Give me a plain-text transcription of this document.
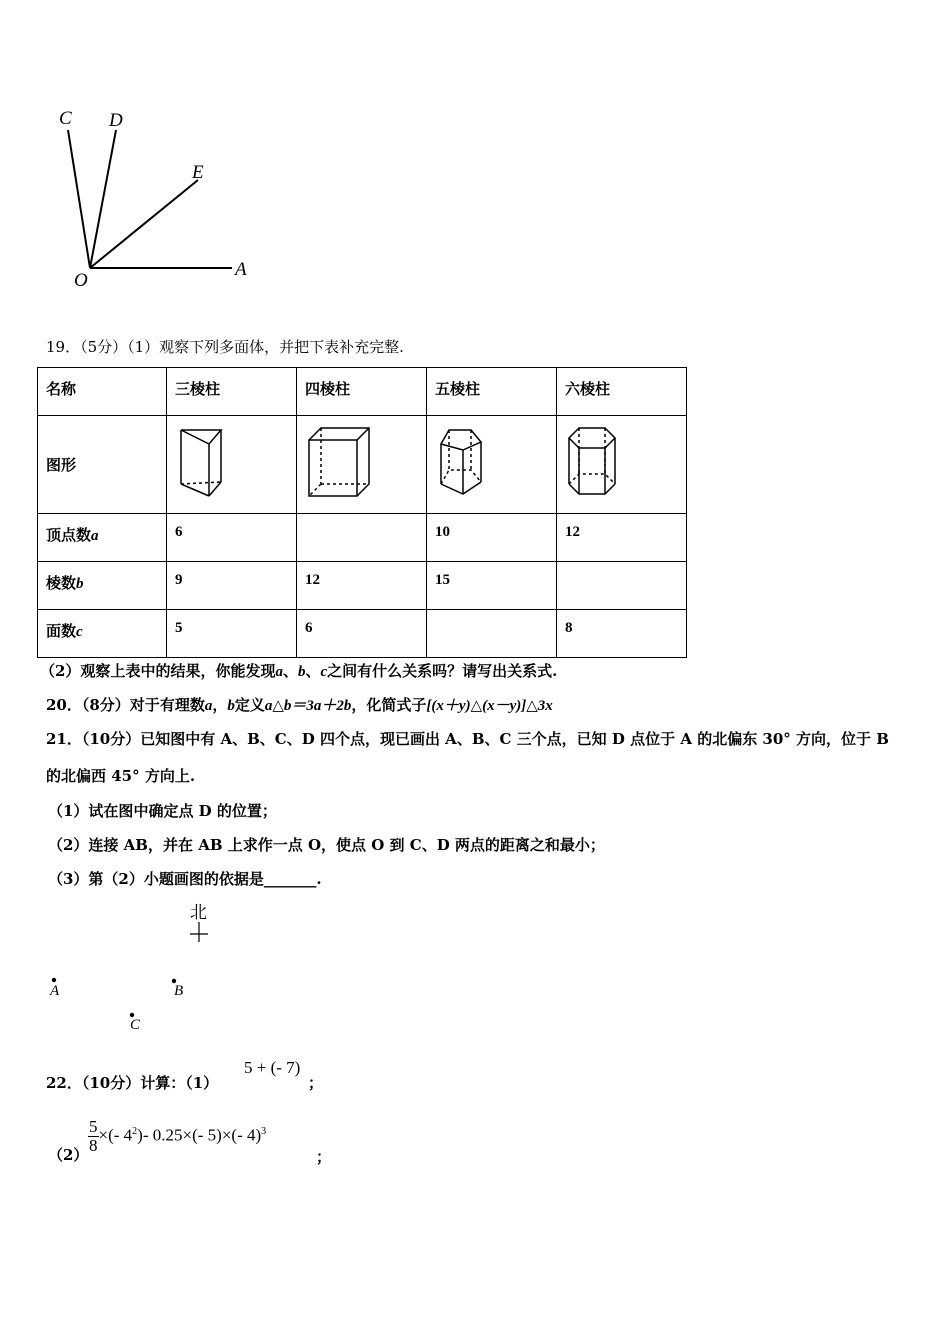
C D
E
O
A
19．（5分）（1）观察下列多面体，并把下表补充完整.
名称	三棱柱	四棱柱	五棱柱	六棱柱
图形				
顶点数a	6		10	12
棱数b	9	12	15	
面数c	5	6		8
（2）观察上表中的结果，你能发现a、b、c之间有什么关系吗？请写出关系式.
20．（8分）对于有理数a，b定义a△b＝3a＋2b，化简式子[(x＋y)△(x－y)]△3x
21．（10分）已知图中有 A、B、C、D 四个点，现已画出 A、B、C 三个点，已知 D 点位于 A 的北偏东 30° 方向，位于 B
的北偏西 45° 方向上.
（1）试在图中确定点 D 的位置；
（2）连接 AB，并在 AB 上求作一点 O，使点 O 到 C、D 两点的距离之和最小；
（3）第（2）小题画图的依据是_______.
北
A	B
C
22．（10分）计算：（1）
5 + (- 7)
；
$(2) \frac{5}{8}$ ×(- $4^2)-$ 0.25×(- 5)×(- 4)$^3$
；
